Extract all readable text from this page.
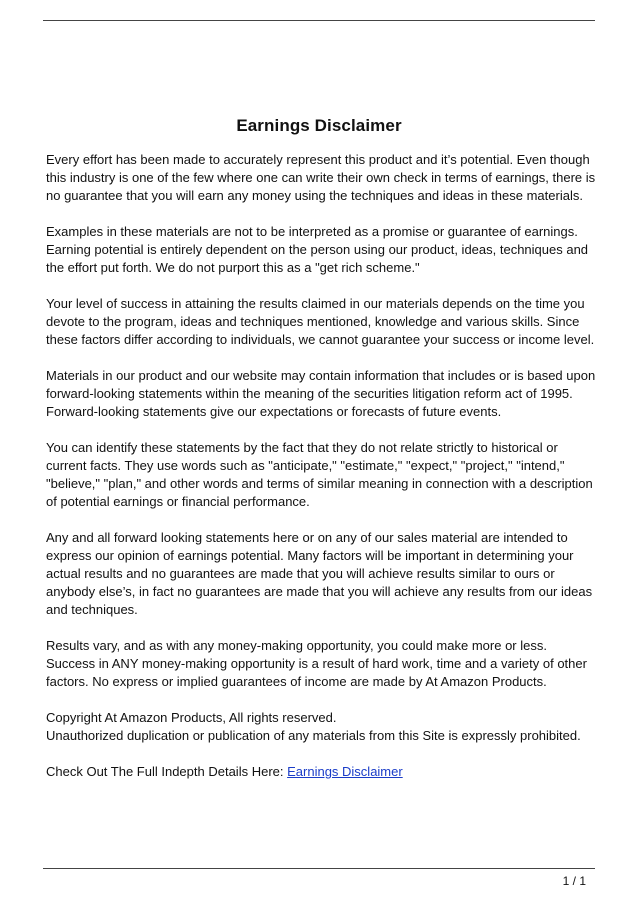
Earnings Disclaimer
Every effort has been made to accurately represent this product and it’s potential. Even though
this industry is one of the few where one can write their own check in terms of earnings, there is
no guarantee that you will earn any money using the techniques and ideas in these materials.
Examples in these materials are not to be interpreted as a promise or guarantee of earnings.
Earning potential is entirely dependent on the person using our product, ideas, techniques and
the effort put forth. We do not purport this as a "get rich scheme."
Your level of success in attaining the results claimed in our materials depends on the time you
devote to the program, ideas and techniques mentioned, knowledge and various skills. Since
these factors differ according to individuals, we cannot guarantee your success or income level.
Materials in our product and our website may contain information that includes or is based upon
forward-looking statements within the meaning of the securities litigation reform act of 1995.
Forward-looking statements give our expectations or forecasts of future events.
You can identify these statements by the fact that they do not relate strictly to historical or
current facts. They use words such as "anticipate," "estimate," "expect," "project," "intend,"
"believe," "plan," and other words and terms of similar meaning in connection with a description
of potential earnings or financial performance.
Any and all forward looking statements here or on any of our sales material are intended to
express our opinion of earnings potential. Many factors will be important in determining your
actual results and no guarantees are made that you will achieve results similar to ours or
anybody else’s, in fact no guarantees are made that you will achieve any results from our ideas
and techniques.
Results vary, and as with any money-making opportunity, you could make more or less.
Success in ANY money-making opportunity is a result of hard work, time and a variety of other
factors. No express or implied guarantees of income are made by At Amazon Products.
Copyright At Amazon Products, All rights reserved.
Unauthorized duplication or publication of any materials from this Site is expressly prohibited.
Check Out The Full Indepth Details Here: Earnings Disclaimer
1 / 1
